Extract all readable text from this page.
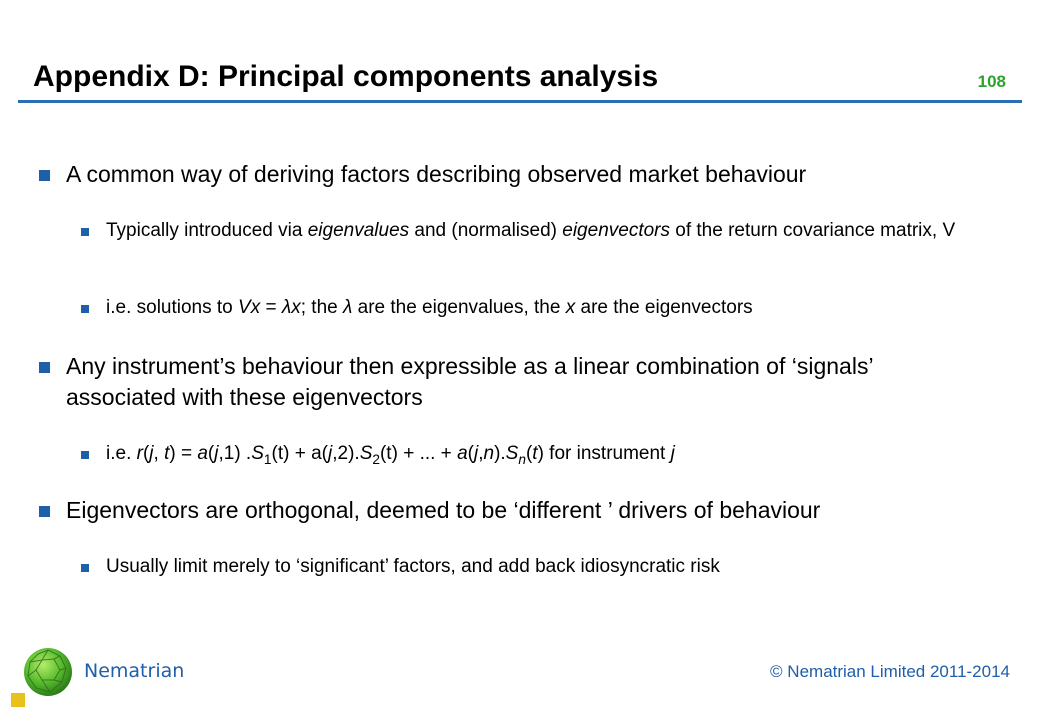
Appendix D: Principal components analysis	108
A common way of deriving factors describing observed market behaviour
Typically introduced via eigenvalues and (normalised) eigenvectors of the return covariance matrix, V
i.e. solutions to Vx = λx; the λ are the eigenvalues, the x are the eigenvectors
Any instrument’s behaviour then expressible as a linear combination of ‘signals’ associated with these eigenvectors
i.e. r(j, t) = a(j,1) $.S_1(t) + a(j,2).S_2(t)$ + ... + $a(j,n).S_n(t)$ for instrument j
Eigenvectors are orthogonal, deemed to be ‘different ’ drivers of behaviour
Usually limit merely to ‘significant’ factors, and add back idiosyncratic risk
Nematrian	© Nematrian Limited 2011-2014
